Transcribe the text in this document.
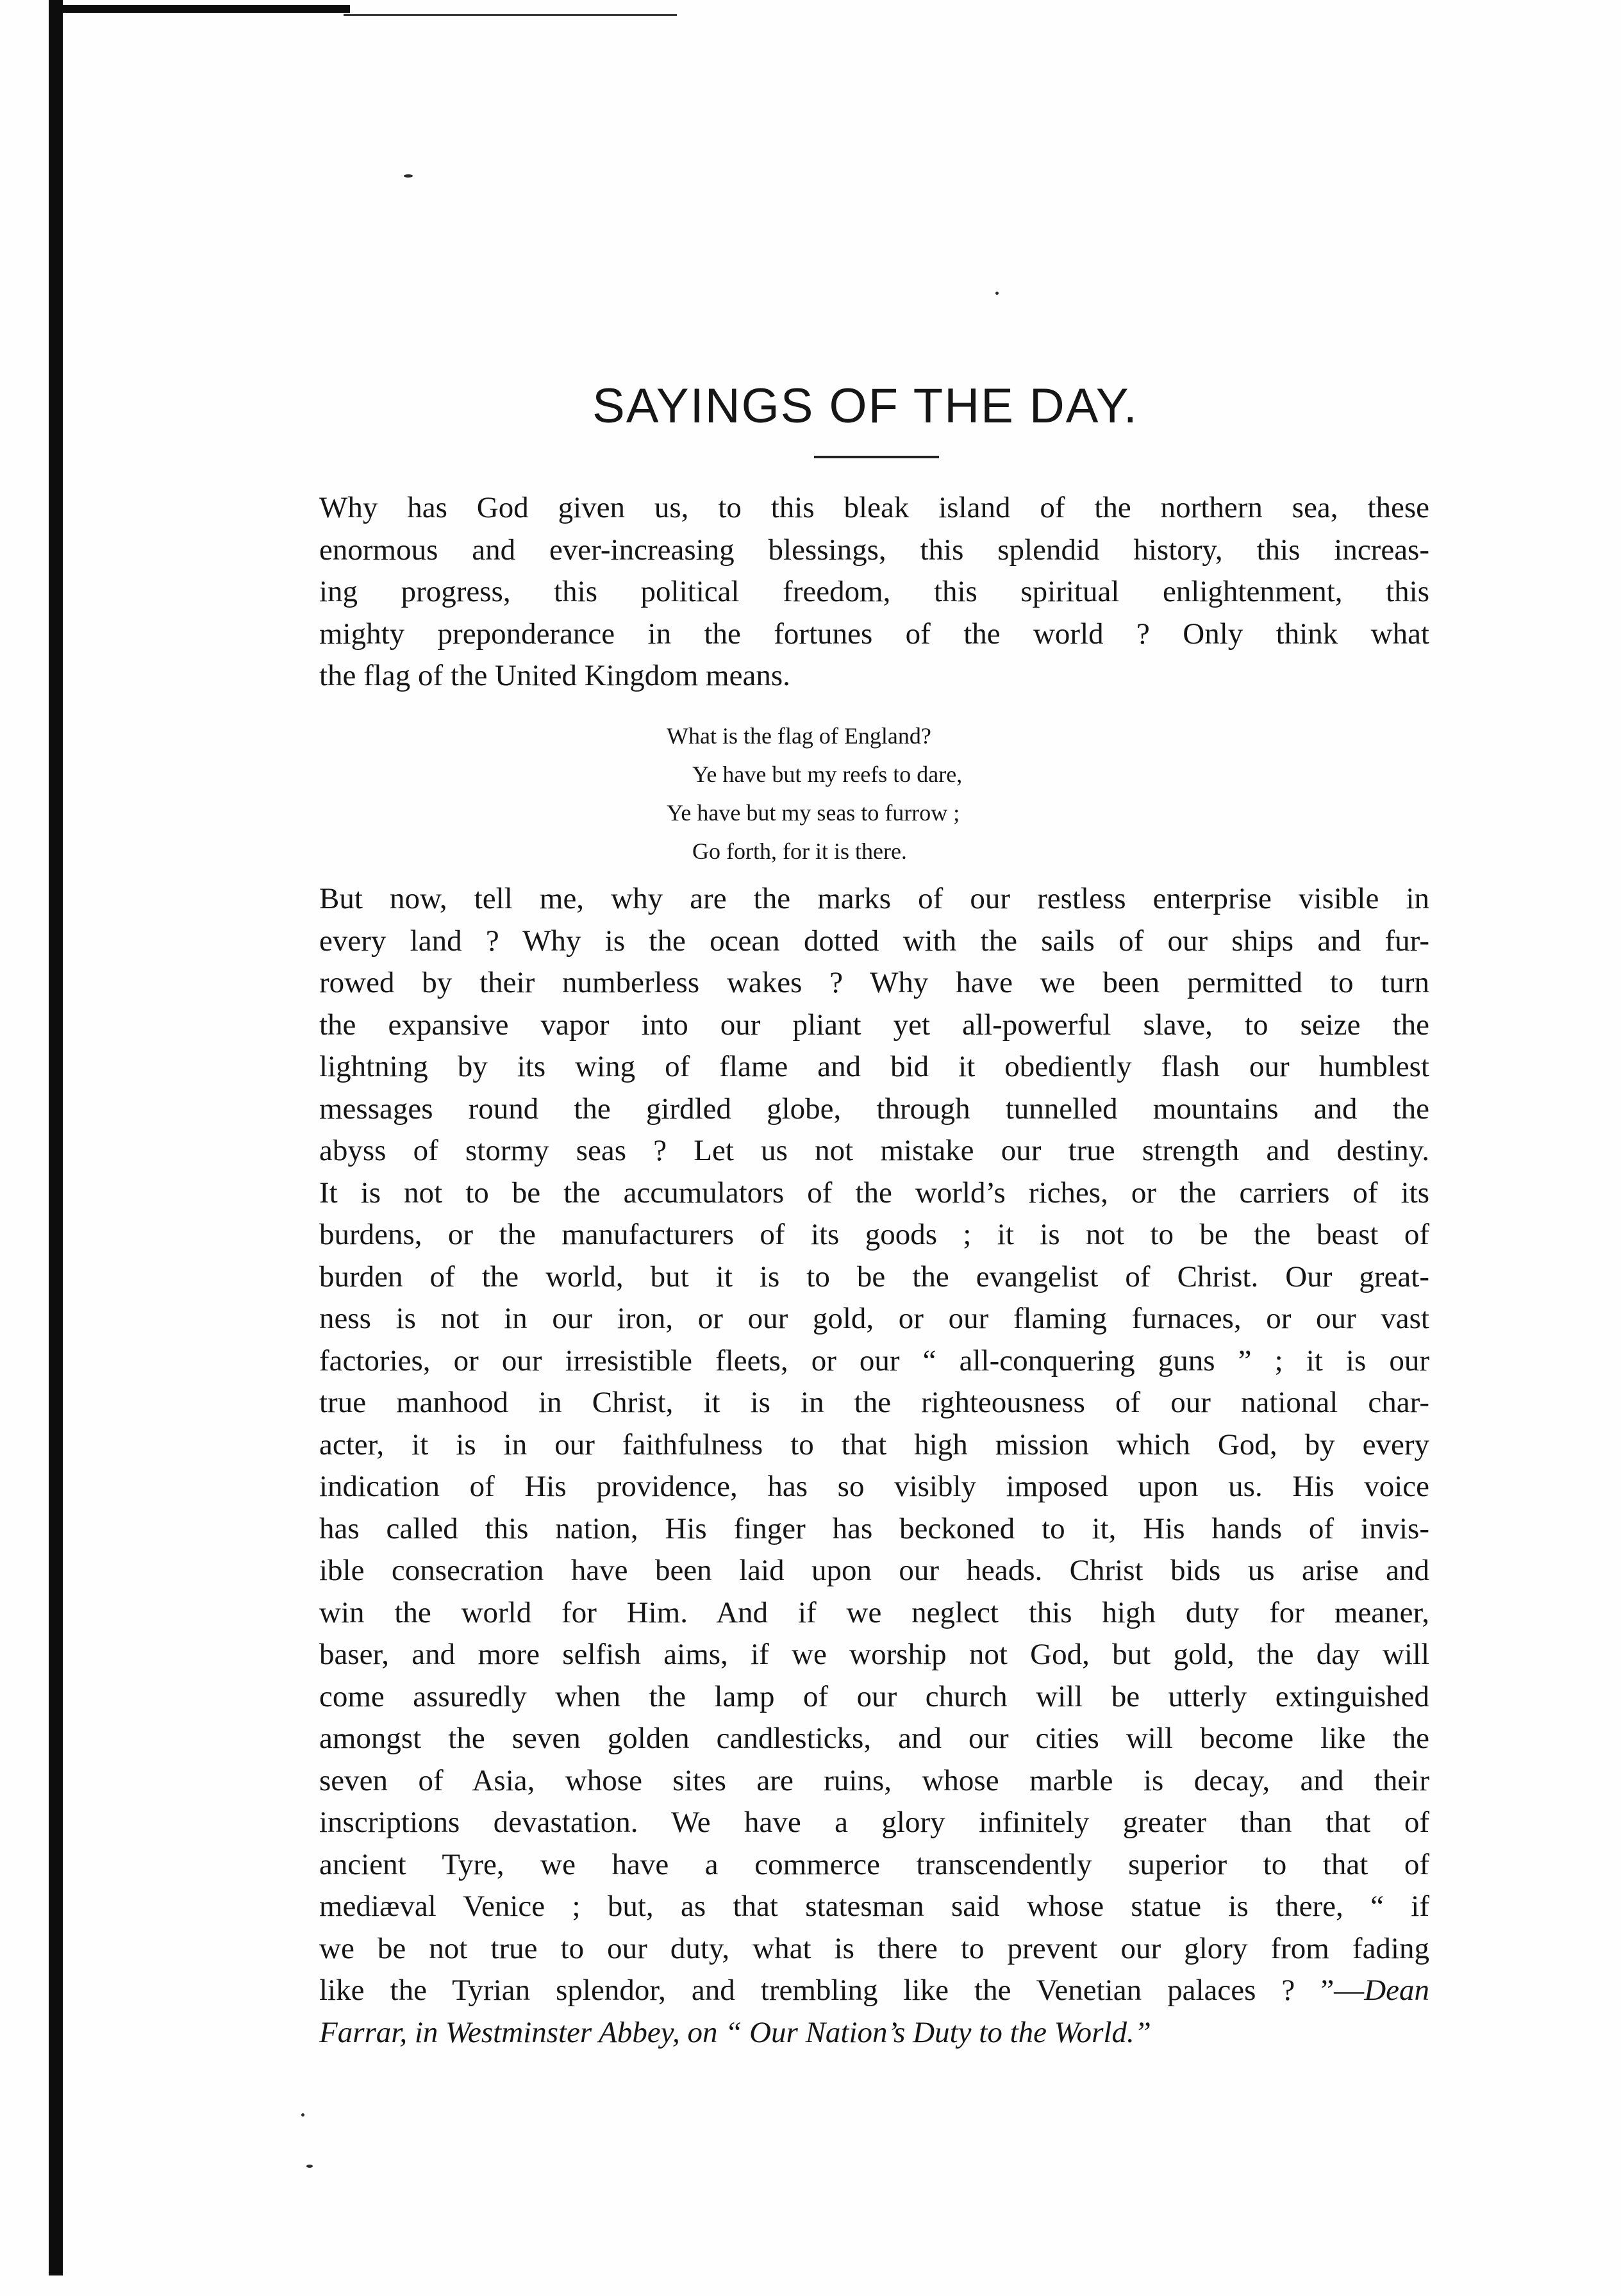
SAYINGS OF THE DAY.
Why has God given us, to this bleak island of the northern sea, these
enormous and ever-increasing blessings, this splendid history, this increas-
ing progress, this political freedom, this spiritual enlightenment, this
mighty preponderance in the fortunes of the world ? Only think what
the flag of the United Kingdom means.
What is the flag of England?
Ye have but my reefs to dare,
Ye have but my seas to furrow ;
Go forth, for it is there.
But now, tell me, why are the marks of our restless enterprise visible in
every land ? Why is the ocean dotted with the sails of our ships and fur-
rowed by their numberless wakes ? Why have we been permitted to turn
the expansive vapor into our pliant yet all-powerful slave, to seize the
lightning by its wing of flame and bid it obediently flash our humblest
messages round the girdled globe, through tunnelled mountains and the
abyss of stormy seas ? Let us not mistake our true strength and destiny.
It is not to be the accumulators of the world’s riches, or the carriers of its
burdens, or the manufacturers of its goods ; it is not to be the beast of
burden of the world, but it is to be the evangelist of Christ. Our great-
ness is not in our iron, or our gold, or our flaming furnaces, or our vast
factories, or our irresistible fleets, or our “ all-conquering guns ” ; it is our
true manhood in Christ, it is in the righteousness of our national char-
acter, it is in our faithfulness to that high mission which God, by every
indication of His providence, has so visibly imposed upon us. His voice
has called this nation, His finger has beckoned to it, His hands of invis-
ible consecration have been laid upon our heads. Christ bids us arise and
win the world for Him. And if we neglect this high duty for meaner,
baser, and more selfish aims, if we worship not God, but gold, the day will
come assuredly when the lamp of our church will be utterly extinguished
amongst the seven golden candlesticks, and our cities will become like the
seven of Asia, whose sites are ruins, whose marble is decay, and their
inscriptions devastation. We have a glory infinitely greater than that of
ancient Tyre, we have a commerce transcendently superior to that of
mediæval Venice ; but, as that statesman said whose statue is there, “ if
we be not true to our duty, what is there to prevent our glory from fading
like the Tyrian splendor, and trembling like the Venetian palaces ? ”—Dean
Farrar, in Westminster Abbey, on “ Our Nation’s Duty to the World.”
